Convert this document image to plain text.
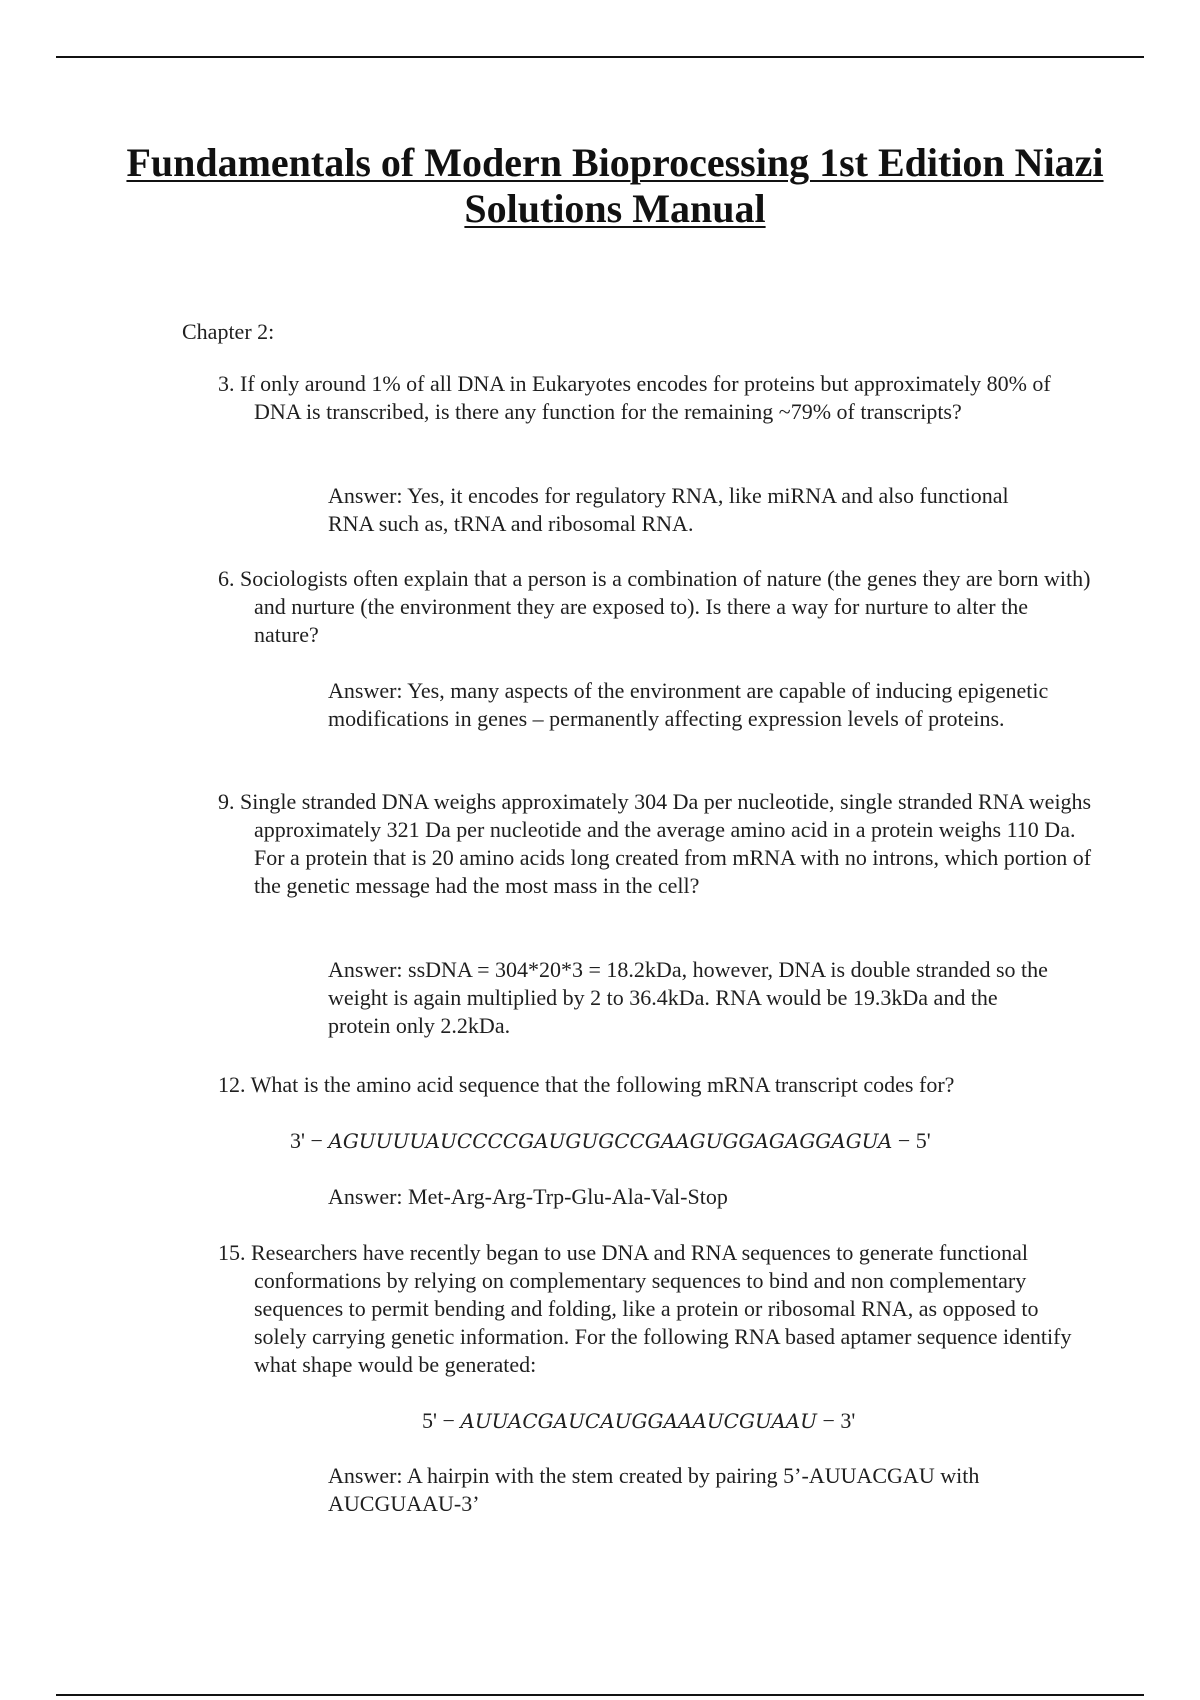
Fundamentals of Modern Bioprocessing 1st Edition Niazi
Solutions Manual

Chapter 2:

3. If only around 1% of all DNA in Eukaryotes encodes for proteins but approximately 80% of DNA is transcribed, is there any function for the remaining ~79% of transcripts?

Answer: Yes, it encodes for regulatory RNA, like miRNA and also functional RNA such as, tRNA and ribosomal RNA.

6. Sociologists often explain that a person is a combination of nature (the genes they are born with) and nurture (the environment they are exposed to). Is there a way for nurture to alter the nature?

Answer: Yes, many aspects of the environment are capable of inducing epigenetic modifications in genes – permanently affecting expression levels of proteins.

9. Single stranded DNA weighs approximately 304 Da per nucleotide, single stranded RNA weighs approximately 321 Da per nucleotide and the average amino acid in a protein weighs 110 Da. For a protein that is 20 amino acids long created from mRNA with no introns, which portion of the genetic message had the most mass in the cell?

Answer: ssDNA = 304*20*3 = 18.2kDa, however, DNA is double stranded so the weight is again multiplied by 2 to 36.4kDa. RNA would be 19.3kDa and the protein only 2.2kDa.

12. What is the amino acid sequence that the following mRNA transcript codes for?

3' − AGUUUUAUCCCCGAUGUGCCGAAGUGGAGAGGAGUA − 5'

Answer: Met-Arg-Arg-Trp-Glu-Ala-Val-Stop

15. Researchers have recently began to use DNA and RNA sequences to generate functional conformations by relying on complementary sequences to bind and non complementary sequences to permit bending and folding, like a protein or ribosomal RNA, as opposed to solely carrying genetic information. For the following RNA based aptamer sequence identify what shape would be generated:

5' − AUUACGAUCAUGGAAAUCGUAAU − 3'

Answer: A hairpin with the stem created by pairing 5’-AUUACGAU with AUCGUAAU-3’
